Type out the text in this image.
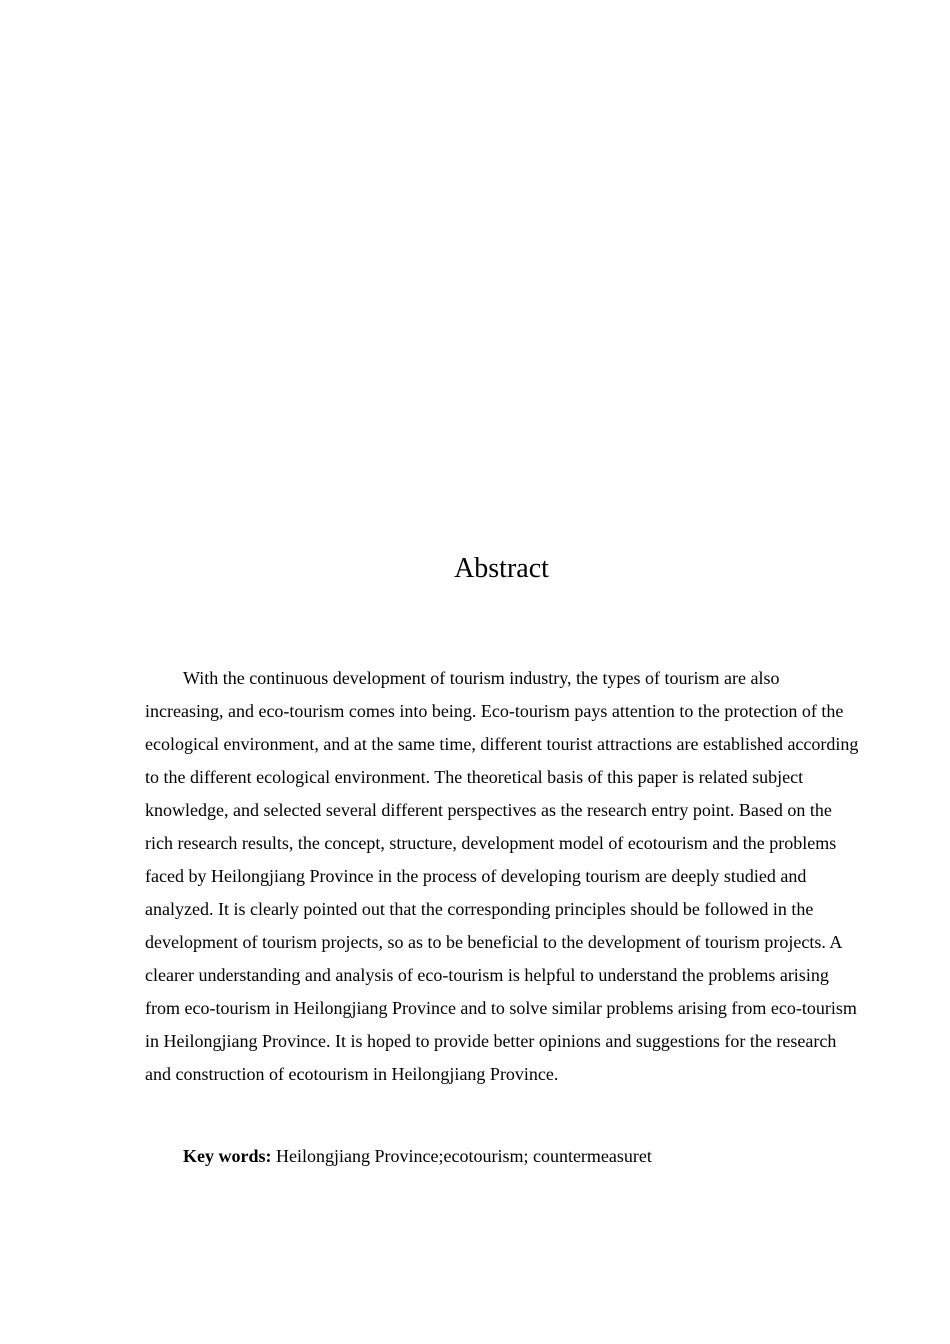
Abstract

With the continuous development of tourism industry, the types of tourism are also increasing, and eco-tourism comes into being. Eco-tourism pays attention to the protection of the ecological environment, and at the same time, different tourist attractions are established according to the different ecological environment. The theoretical basis of this paper is related subject knowledge, and selected several different perspectives as the research entry point. Based on the rich research results, the concept, structure, development model of ecotourism and the problems faced by Heilongjiang Province in the process of developing tourism are deeply studied and analyzed. It is clearly pointed out that the corresponding principles should be followed in the development of tourism projects, so as to be beneficial to the development of tourism projects. A clearer understanding and analysis of eco-tourism is helpful to understand the problems arising from eco-tourism in Heilongjiang Province and to solve similar problems arising from eco-tourism in Heilongjiang Province. It is hoped to provide better opinions and suggestions for the research and construction of ecotourism in Heilongjiang Province.

Key words: Heilongjiang Province;ecotourism; countermeasuret
